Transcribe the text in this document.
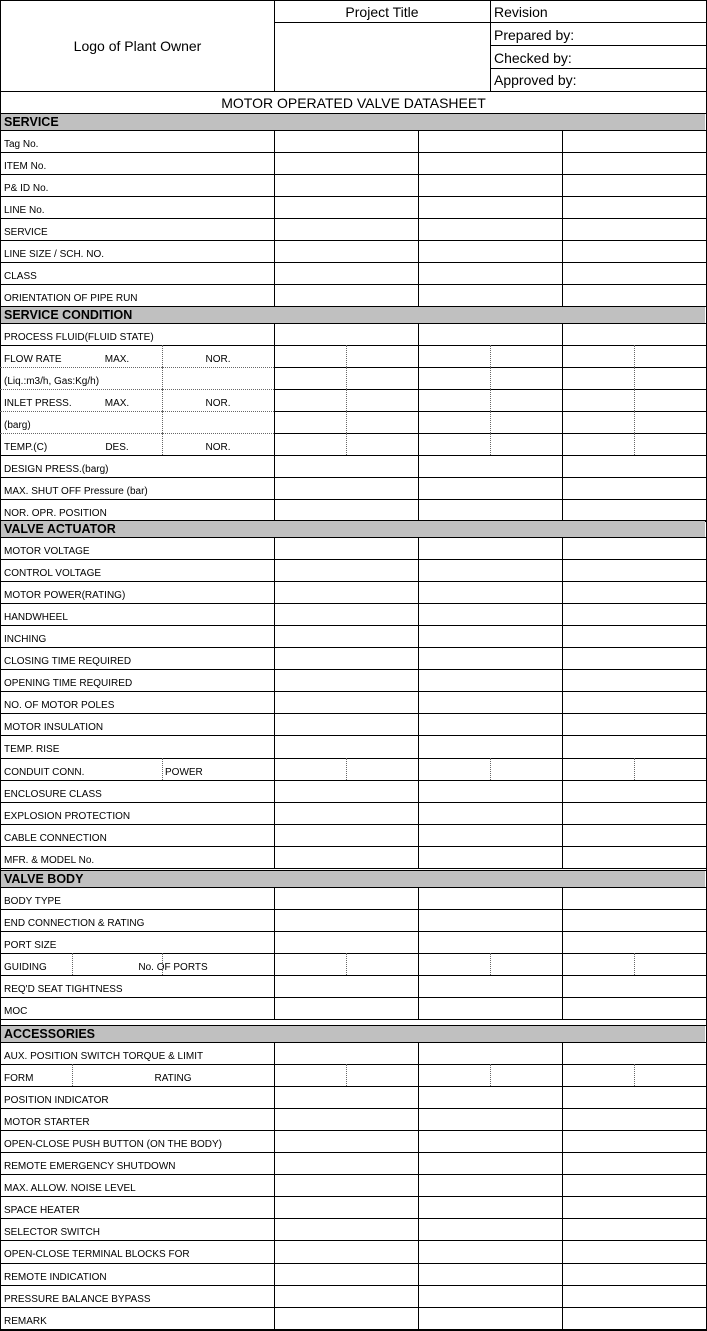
Logo of Plant Owner
Project Title	Revision
Prepared by:
Checked by:
Approved by:
MOTOR OPERATED VALVE DATASHEET
SERVICE
Tag No.
ITEM No.
P& ID No.
LINE No.
SERVICE
LINE SIZE / SCH. NO.
CLASS
ORIENTATION OF PIPE RUN
SERVICE CONDITION
PROCESS FLUID(FLUID STATE)
FLOW RATE	MAX.	NOR.
(Liq.:m3/h, Gas:Kg/h)
INLET PRESS.	MAX.	NOR.
(barg)
TEMP.(C)	DES.	NOR.
DESIGN PRESS.(barg)
MAX. SHUT OFF Pressure (bar)
NOR. OPR. POSITION
VALVE ACTUATOR
MOTOR VOLTAGE
CONTROL VOLTAGE
MOTOR POWER(RATING)
HANDWHEEL
INCHING
CLOSING TIME REQUIRED
OPENING TIME REQUIRED
NO. OF MOTOR POLES
MOTOR INSULATION
TEMP. RISE
CONDUIT CONN.	POWER
ENCLOSURE CLASS
EXPLOSION PROTECTION
CABLE CONNECTION
MFR. & MODEL No.
VALVE BODY
BODY TYPE
END CONNECTION & RATING
PORT SIZE
GUIDING	No. OF PORTS
REQ'D SEAT TIGHTNESS
MOC
ACCESSORIES
AUX. POSITION SWITCH TORQUE & LIMIT
FORM	RATING
POSITION INDICATOR
MOTOR STARTER
OPEN-CLOSE PUSH BUTTON (ON THE BODY)
REMOTE EMERGENCY SHUTDOWN
MAX. ALLOW. NOISE LEVEL
SPACE HEATER
SELECTOR SWITCH
OPEN-CLOSE TERMINAL BLOCKS FOR
REMOTE INDICATION
PRESSURE BALANCE BYPASS
REMARK
